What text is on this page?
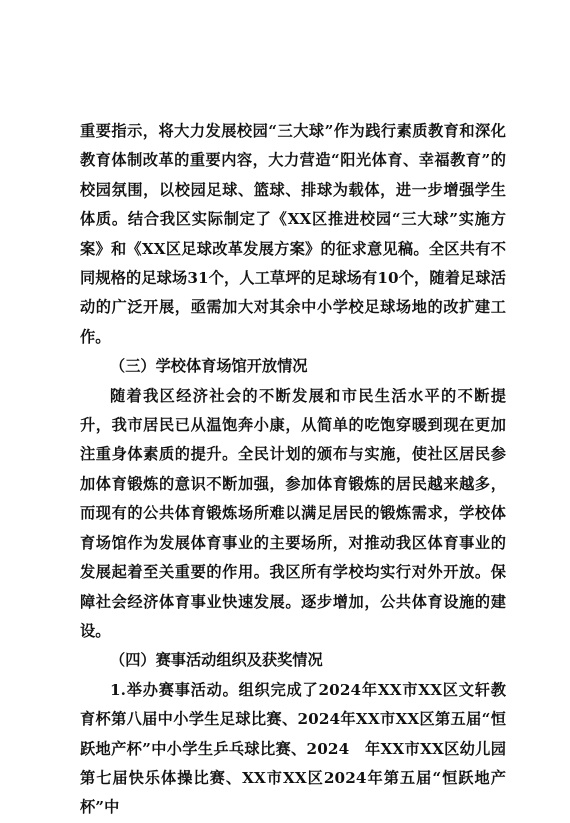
重要指示，将大力发展校园“三大球”作为践行素质教育和深化教育体制改革的重要内容，大力营造“阳光体育、幸福教育”的校园氛围，以校园足球、篮球、排球为载体，进一步增强学生体质。结合我区实际制定了《XX区推进校园“三大球”实施方案》和《XX区足球改革发展方案》的征求意见稿。全区共有不同规格的足球场31个，人工草坪的足球场有10个，随着足球活动的广泛开展，亟需加大对其余中小学校足球场地的改扩建工作。

（三）学校体育场馆开放情况

随着我区经济社会的不断发展和市民生活水平的不断提升，我市居民已从温饱奔小康，从简单的吃饱穿暖到现在更加注重身体素质的提升。全民计划的颁布与实施，使社区居民参加体育锻炼的意识不断加强，参加体育锻炼的居民越来越多，而现有的公共体育锻炼场所难以满足居民的锻炼需求，学校体育场馆作为发展体育事业的主要场所，对推动我区体育事业的发展起着至关重要的作用。我区所有学校均实行对外开放。保障社会经济体育事业快速发展。逐步增加，公共体育设施的建设。

（四）赛事活动组织及获奖情况

1.举办赛事活动。组织完成了2024年XX市XX区文轩教育杯第八届中小学生足球比赛、2024年XX市XX区第五届“恒跃地产杯”中小学生乒乓球比赛、2024　年XX市XX区幼儿园第七届快乐体操比赛、XX市XX区2024年第五届“恒跃地产杯”中
